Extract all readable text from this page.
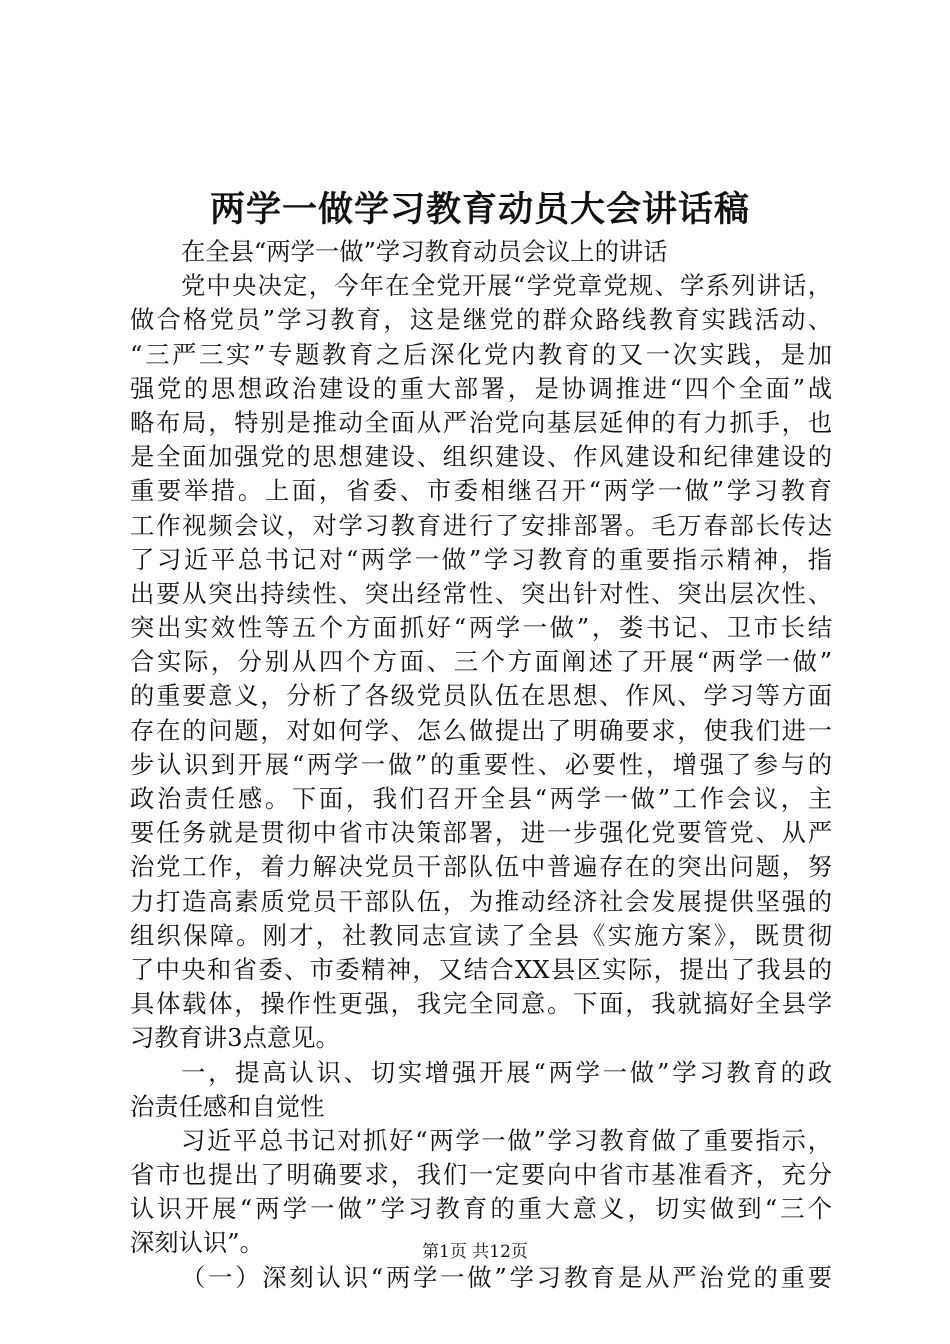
两学一做学习教育动员大会讲话稿
在全县“两学一做”学习教育动员会议上的讲话
党中央决定，今年在全党开展“学党章党规、学系列讲话，
做合格党员”学习教育，这是继党的群众路线教育实践活动、
“三严三实”专题教育之后深化党内教育的又一次实践，是加
强党的思想政治建设的重大部署，是协调推进“四个全面”战
略布局，特别是推动全面从严治党向基层延伸的有力抓手，也
是全面加强党的思想建设、组织建设、作风建设和纪律建设的
重要举措。上面，省委、市委相继召开“两学一做”学习教育
工作视频会议，对学习教育进行了安排部署。毛万春部长传达
了习近平总书记对“两学一做”学习教育的重要指示精神，指
出要从突出持续性、突出经常性、突出针对性、突出层次性、
突出实效性等五个方面抓好“两学一做”，娄书记、卫市长结
合实际，分别从四个方面、三个方面阐述了开展“两学一做”
的重要意义，分析了各级党员队伍在思想、作风、学习等方面
存在的问题，对如何学、怎么做提出了明确要求，使我们进一
步认识到开展“两学一做”的重要性、必要性，增强了参与的
政治责任感。下面，我们召开全县“两学一做”工作会议，主
要任务就是贯彻中省市决策部署，进一步强化党要管党、从严
治党工作，着力解决党员干部队伍中普遍存在的突出问题，努
力打造高素质党员干部队伍，为推动经济社会发展提供坚强的
组织保障。刚才，社教同志宣读了全县《实施方案》，既贯彻
了中央和省委、市委精神，又结合XX县区实际，提出了我县的
具体载体，操作性更强，我完全同意。下面，我就搞好全县学
习教育讲3点意见。
一，提高认识、切实增强开展“两学一做”学习教育的政
治责任感和自觉性
习近平总书记对抓好“两学一做”学习教育做了重要指示，
省市也提出了明确要求，我们一定要向中省市基准看齐，充分
认识开展“两学一做”学习教育的重大意义，切实做到“三个
深刻认识”。
（一）深刻认识“两学一做”学习教育是从严治党的重要
第1页 共12页
